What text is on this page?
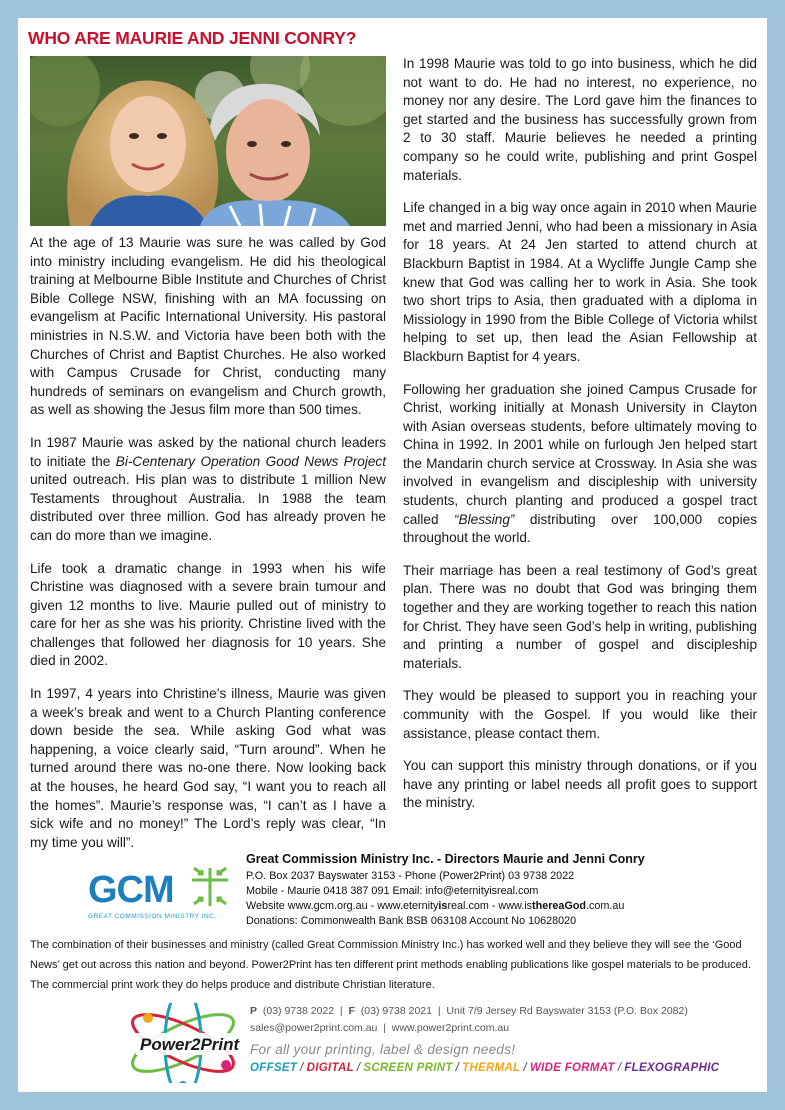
WHO ARE MAURIE AND JENNI CONRY?

At the age of 13 Maurie was sure he was called by God into ministry including evangelism. He did his theological training at Melbourne Bible Institute and Churches of Christ Bible College NSW, finishing with an MA focussing on evangelism at Pacific International University. His pastoral ministries in N.S.W. and Victoria have been both with the Churches of Christ and Baptist Churches. He also worked with Campus Crusade for Christ, conducting many hundreds of seminars on evangelism and Church growth, as well as showing the Jesus film more than 500 times.

In 1987 Maurie was asked by the national church leaders to initiate the Bi-Centenary Operation Good News Project united outreach. His plan was to distribute 1 million New Testaments throughout Australia. In 1988 the team distributed over three million. God has already proven he can do more than we imagine.

Life took a dramatic change in 1993 when his wife Christine was diagnosed with a severe brain tumour and given 12 months to live. Maurie pulled out of ministry to care for her as she was his priority. Christine lived with the challenges that followed her diagnosis for 10 years. She died in 2002.

In 1997, 4 years into Christine’s illness, Maurie was given a week’s break and went to a Church Planting conference down beside the sea. While asking God what was happening, a voice clearly said, “Turn around”. When he turned around there was no-one there. Now looking back at the houses, he heard God say, “I want you to reach all the homes”. Maurie’s response was, “I can’t as I have a sick wife and no money!” The Lord’s reply was clear, “In my time you will”.

In 1998 Maurie was told to go into business, which he did not want to do. He had no interest, no experience, no money nor any desire. The Lord gave him the finances to get started and the business has successfully grown from 2 to 30 staff. Maurie believes he needed a printing company so he could write, publishing and print Gospel materials.

Life changed in a big way once again in 2010 when Maurie met and married Jenni, who had been a missionary in Asia for 18 years. At 24 Jen started to attend church at Blackburn Baptist in 1984. At a Wycliffe Jungle Camp she knew that God was calling her to work in Asia. She took two short trips to Asia, then graduated with a diploma in Missiology in 1990 from the Bible College of Victoria whilst helping to set up, then lead the Asian Fellowship at Blackburn Baptist for 4 years.

Following her graduation she joined Campus Crusade for Christ, working initially at Monash University in Clayton with Asian overseas students, before ultimately moving to China in 1992. In 2001 while on furlough Jen helped start the Mandarin church service at Crossway. In Asia she was involved in evangelism and discipleship with university students, church planting and produced a gospel tract called “Blessing” distributing over 100,000 copies throughout the world.

Their marriage has been a real testimony of God’s great plan. There was no doubt that God was bringing them together and they are working together to reach this nation for Christ. They have seen God’s help in writing, publishing and printing a number of gospel and discipleship materials.

They would be pleased to support you in reaching your community with the Gospel. If you would like their assistance, please contact them.

You can support this ministry through donations, or if you have any printing or label needs all profit goes to support the ministry.

GCM
GREAT COMMISSION MINISTRY INC.
Great Commission Ministry Inc. - Directors Maurie and Jenni Conry
P.O. Box 2037 Bayswater 3153 - Phone (Power2Print) 03 9738 2022
Mobile - Maurie 0418 387 091 Email: info@eternityisreal.com
Website www.gcm.org.au - www.eternityisreal.com - www.isthereaGod.com.au
Donations: Commonwealth Bank BSB 063108 Account No 10628020
The combination of their businesses and ministry (called Great Commission Ministry Inc.) has worked well and they believe they will see the ‘Good News’ get out across this nation and beyond. Power2Print has ten different print methods enabling publications like gospel materials to be produced. The commercial print work they do helps produce and distribute Christian literature.
Power2Print
P (03) 9738 2022  |  F (03) 9738 2021  |  Unit 7/9 Jersey Rd Bayswater 3153 (P.O. Box 2082)
sales@power2print.com.au  |  www.power2print.com.au
For all your printing, label & design needs!
OFFSET / DIGITAL / SCREEN PRINT / THERMAL / WIDE FORMAT / FLEXOGRAPHIC
